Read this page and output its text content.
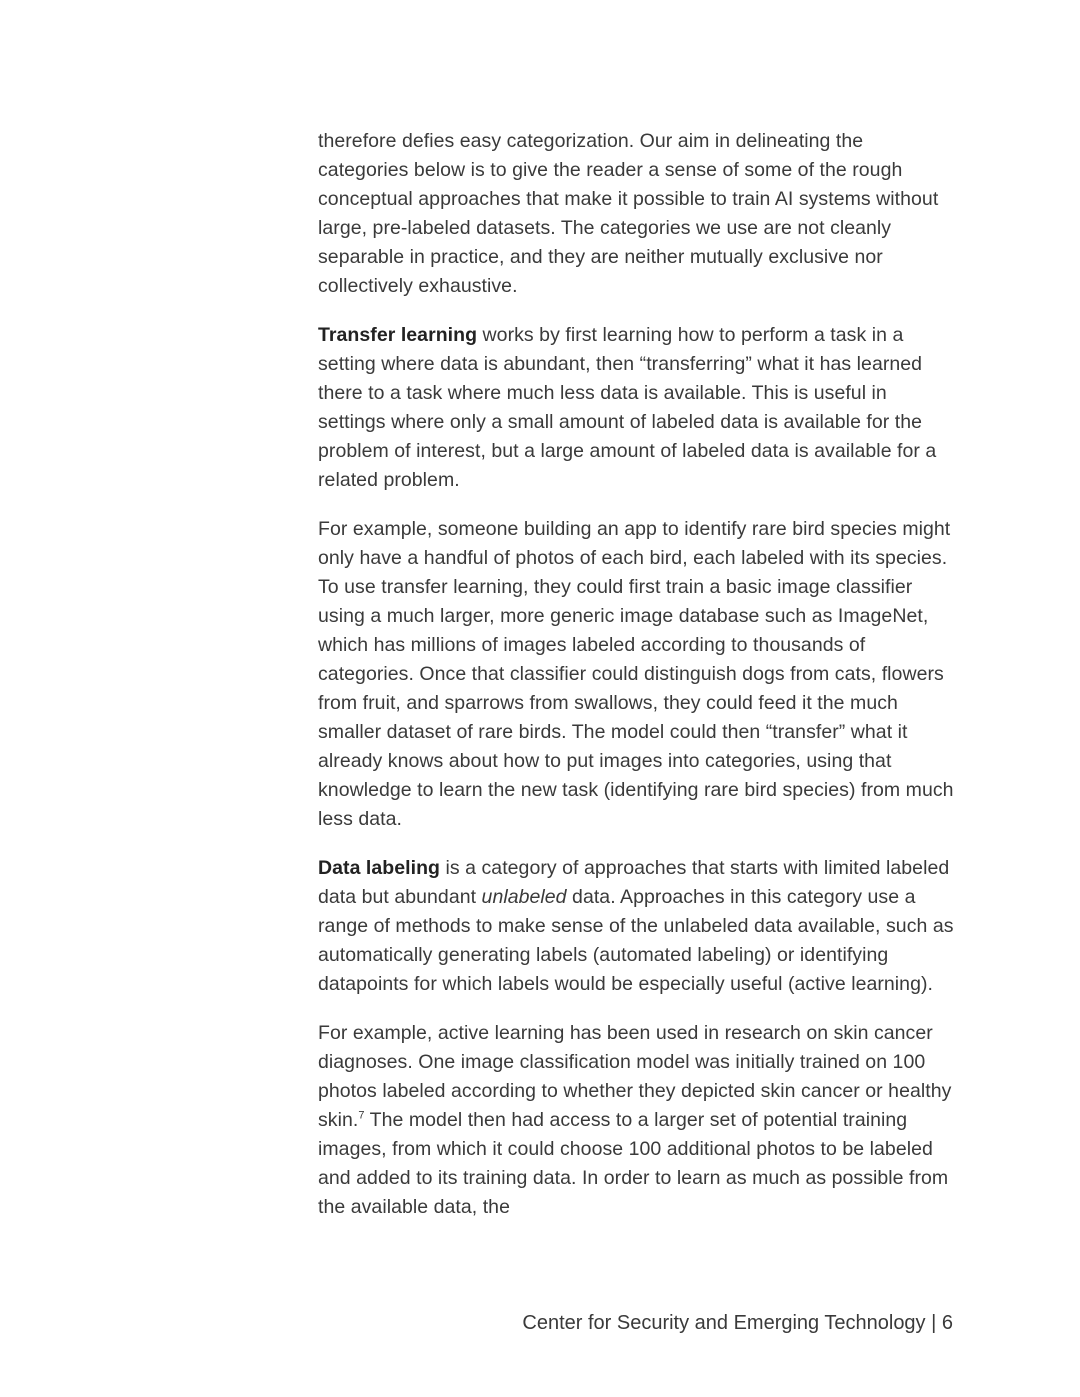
therefore defies easy categorization. Our aim in delineating the categories below is to give the reader a sense of some of the rough conceptual approaches that make it possible to train AI systems without large, pre-labeled datasets. The categories we use are not cleanly separable in practice, and they are neither mutually exclusive nor collectively exhaustive.

Transfer learning works by first learning how to perform a task in a setting where data is abundant, then “transferring” what it has learned there to a task where much less data is available. This is useful in settings where only a small amount of labeled data is available for the problem of interest, but a large amount of labeled data is available for a related problem.

For example, someone building an app to identify rare bird species might only have a handful of photos of each bird, each labeled with its species. To use transfer learning, they could first train a basic image classifier using a much larger, more generic image database such as ImageNet, which has millions of images labeled according to thousands of categories. Once that classifier could distinguish dogs from cats, flowers from fruit, and sparrows from swallows, they could feed it the much smaller dataset of rare birds. The model could then “transfer” what it already knows about how to put images into categories, using that knowledge to learn the new task (identifying rare bird species) from much less data.

Data labeling is a category of approaches that starts with limited labeled data but abundant unlabeled data. Approaches in this category use a range of methods to make sense of the unlabeled data available, such as automatically generating labels (automated labeling) or identifying datapoints for which labels would be especially useful (active learning).

For example, active learning has been used in research on skin cancer diagnoses. One image classification model was initially trained on 100 photos labeled according to whether they depicted skin cancer or healthy skin.$^7$ The model then had access to a larger set of potential training images, from which it could choose 100 additional photos to be labeled and added to its training data. In order to learn as much as possible from the available data, the

Center for Security and Emerging Technology | 6
